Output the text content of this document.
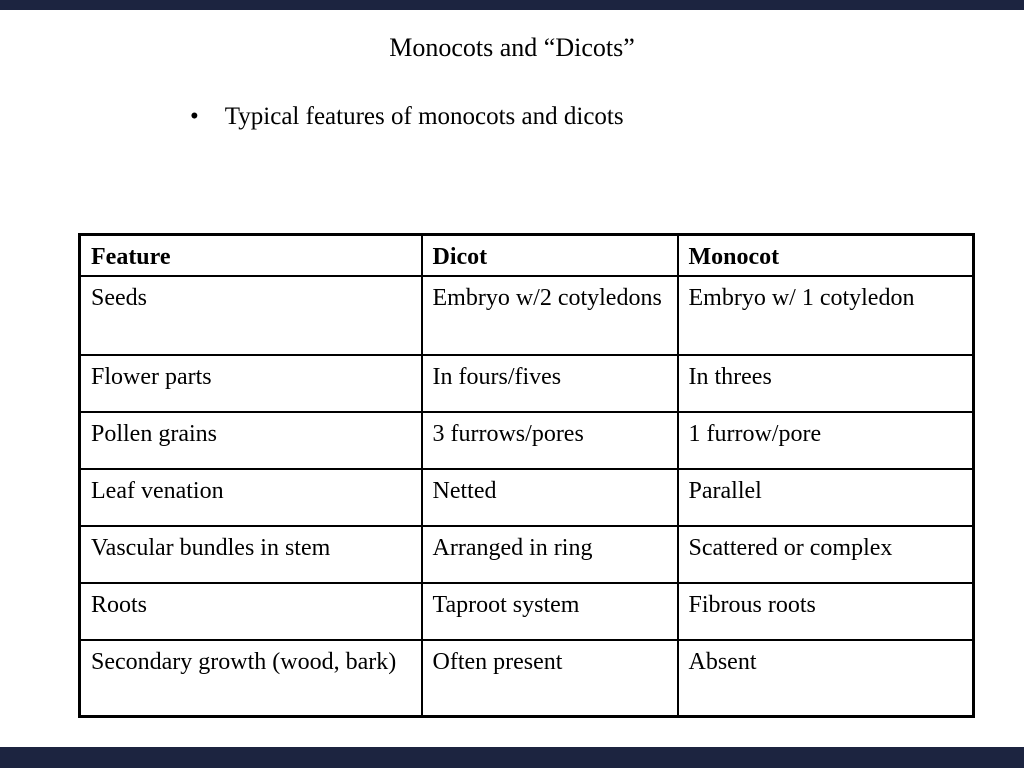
Monocots and “Dicots”
• Typical features of monocots and dicots
Feature	Dicot	Monocot
Seeds	Embryo w/2 cotyledons	Embryo w/ 1 cotyledon
Flower parts	In fours/fives	In threes
Pollen grains	3 furrows/pores	1 furrow/pore
Leaf venation	Netted	Parallel
Vascular bundles in stem	Arranged in ring	Scattered or complex
Roots	Taproot system	Fibrous roots
Secondary growth (wood, bark)	Often present	Absent
